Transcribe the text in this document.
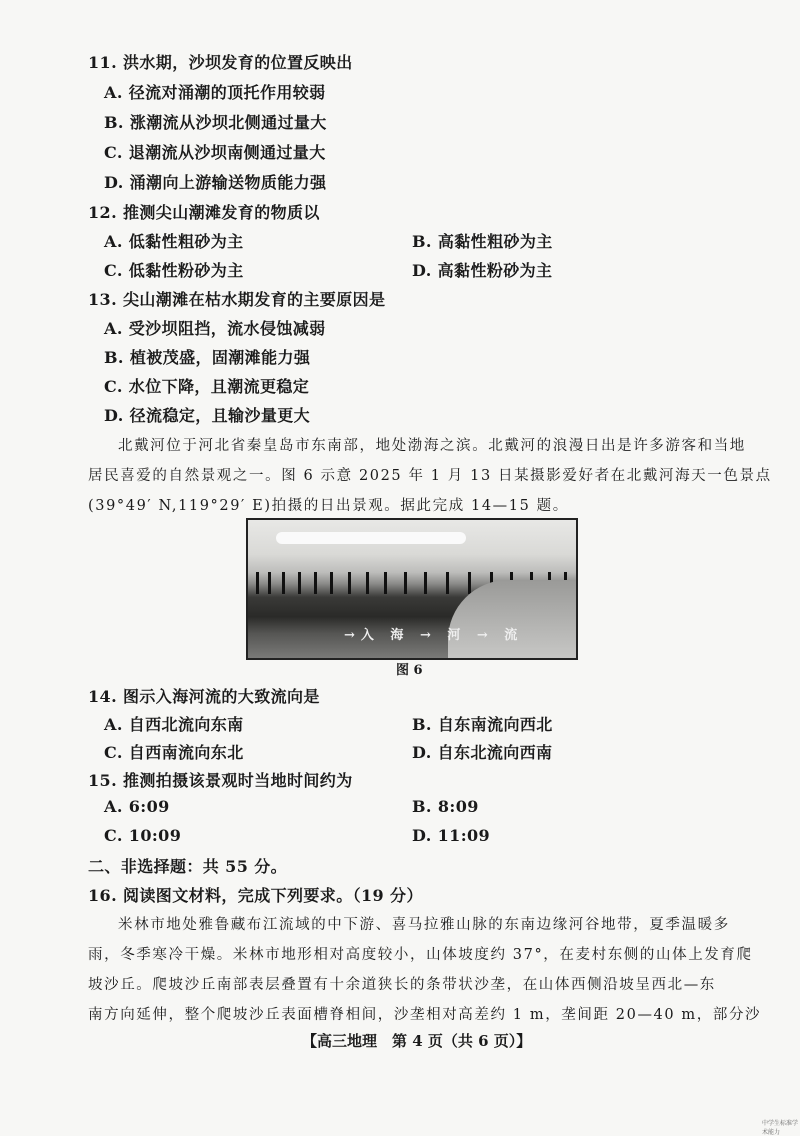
11. 洪水期，沙坝发育的位置反映出
A. 径流对涌潮的顶托作用较弱
B. 涨潮流从沙坝北侧通过量大
C. 退潮流从沙坝南侧通过量大
D. 涌潮向上游输送物质能力强
12. 推测尖山潮滩发育的物质以
A. 低黏性粗砂为主	B. 高黏性粗砂为主
C. 低黏性粉砂为主	D. 高黏性粉砂为主
13. 尖山潮滩在枯水期发育的主要原因是
A. 受沙坝阻挡，流水侵蚀减弱
B. 植被茂盛，固潮滩能力强
C. 水位下降，且潮流更稳定
D. 径流稳定，且输沙量更大
北戴河位于河北省秦皇岛市东南部，地处渤海之滨。北戴河的浪漫日出是许多游客和当地
居民喜爱的自然景观之一。图 6 示意 2025 年 1 月 13 日某摄影爱好者在北戴河海天一色景点
(39°49′ N,119°29′ E)拍摄的日出景观。据此完成 14—15 题。
→入 海 → 河 → 流
图 6
14. 图示入海河流的大致流向是
A. 自西北流向东南	B. 自东南流向西北
C. 自西南流向东北	D. 自东北流向西南
15. 推测拍摄该景观时当地时间约为
A. 6:09	B. 8:09
C. 10:09	D. 11:09
二、非选择题：共 55 分。
16. 阅读图文材料，完成下列要求。（19 分）
米林市地处雅鲁藏布江流域的中下游、喜马拉雅山脉的东南边缘河谷地带，夏季温暖多
雨，冬季寒冷干燥。米林市地形相对高度较小，山体坡度约 37°，在麦村东侧的山体上发育爬
坡沙丘。爬坡沙丘南部表层叠置有十余道狭长的条带状沙垄，在山体西侧沿坡呈西北—东
南方向延伸，整个爬坡沙丘表面槽脊相间，沙垄相对高差约 1 m，垄间距 20—40 m，部分沙
【高三地理　第 4 页（共 6 页）】
中学生标准学术能力
